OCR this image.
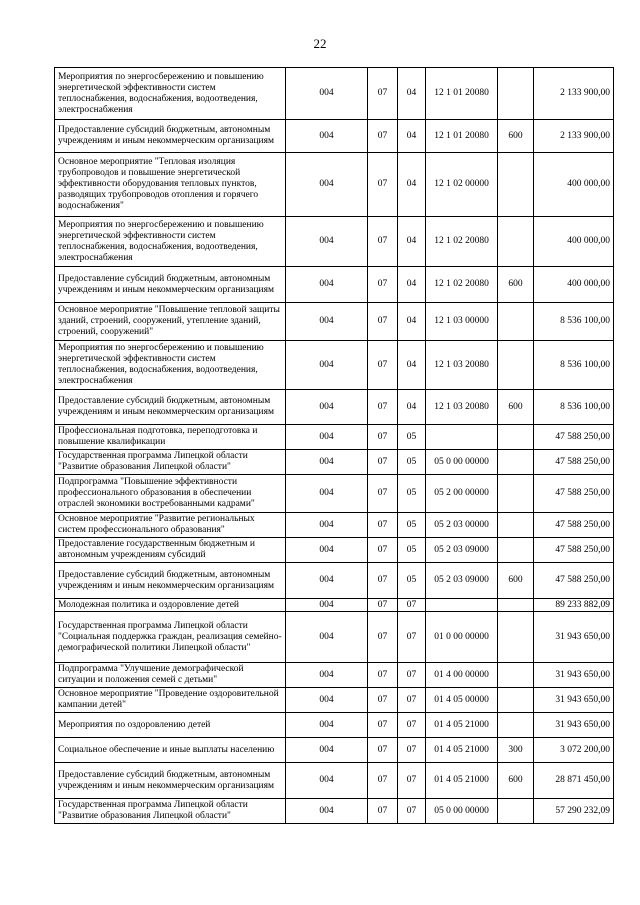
22
Мероприятия по энергосбережению и повышению энергетической эффективности систем теплоснабжения, водоснабжения, водоотведения, электроснабжения	004	07	04	12 1 01 20080		2 133 900,00
Предоставление субсидий бюджетным, автономным учреждениям и иным некоммерческим организациям	004	07	04	12 1 01 20080	600	2 133 900,00
Основное мероприятие "Тепловая изоляция трубопроводов и повышение энергетической эффективности оборудования тепловых пунктов, разводящих трубопроводов отопления и горячего водоснабжения"	004	07	04	12 1 02 00000		400 000,00
Мероприятия по энергосбережению и повышению энергетической эффективности систем теплоснабжения, водоснабжения, водоотведения, электроснабжения	004	07	04	12 1 02 20080		400 000,00
Предоставление субсидий бюджетным, автономным учреждениям и иным некоммерческим организациям	004	07	04	12 1 02 20080	600	400 000,00
Основное мероприятие "Повышение тепловой защиты зданий, строений, сооружений, утепление зданий, строений, сооружений"	004	07	04	12 1 03 00000		8 536 100,00
Мероприятия по энергосбережению и повышению энергетической эффективности систем теплоснабжения, водоснабжения, водоотведения, электроснабжения	004	07	04	12 1 03 20080		8 536 100,00
Предоставление субсидий бюджетным, автономным учреждениям и иным некоммерческим организациям	004	07	04	12 1 03 20080	600	8 536 100,00
Профессиональная подготовка, переподготовка и повышение квалификации	004	07	05			47 588 250,00
Государственная программа Липецкой области "Развитие образования Липецкой области"	004	07	05	05 0 00 00000		47 588 250,00
Подпрограмма "Повышение эффективности профессионального образования в обеспечении отраслей экономики востребованными кадрами"	004	07	05	05 2 00 00000		47 588 250,00
Основное мероприятие "Развитие региональных систем профессионального образования"	004	07	05	05 2 03 00000		47 588 250,00
Предоставление государственным бюджетным и автономным учреждениям субсидий	004	07	05	05 2 03 09000		47 588 250,00
Предоставление субсидий бюджетным, автономным учреждениям и иным некоммерческим организациям	004	07	05	05 2 03 09000	600	47 588 250,00
Молодежная политика и оздоровление детей	004	07	07			89 233 882,09
Государственная программа Липецкой области "Социальная поддержка граждан, реализация семейно-демографической политики Липецкой области"	004	07	07	01 0 00 00000		31 943 650,00
Подпрограмма "Улучшение демографической ситуации и положения семей с детьми"	004	07	07	01 4 00 00000		31 943 650,00
Основное мероприятие "Проведение оздоровительной кампании детей"	004	07	07	01 4 05 00000		31 943 650,00
Мероприятия по оздоровлению детей	004	07	07	01 4 05 21000		31 943 650,00
Социальное обеспечение и иные выплаты населению	004	07	07	01 4 05 21000	300	3 072 200,00
Предоставление субсидий бюджетным, автономным учреждениям и иным некоммерческим организациям	004	07	07	01 4 05 21000	600	28 871 450,00
Государственная программа Липецкой области "Развитие образования Липецкой области"	004	07	07	05 0 00 00000		57 290 232,09
